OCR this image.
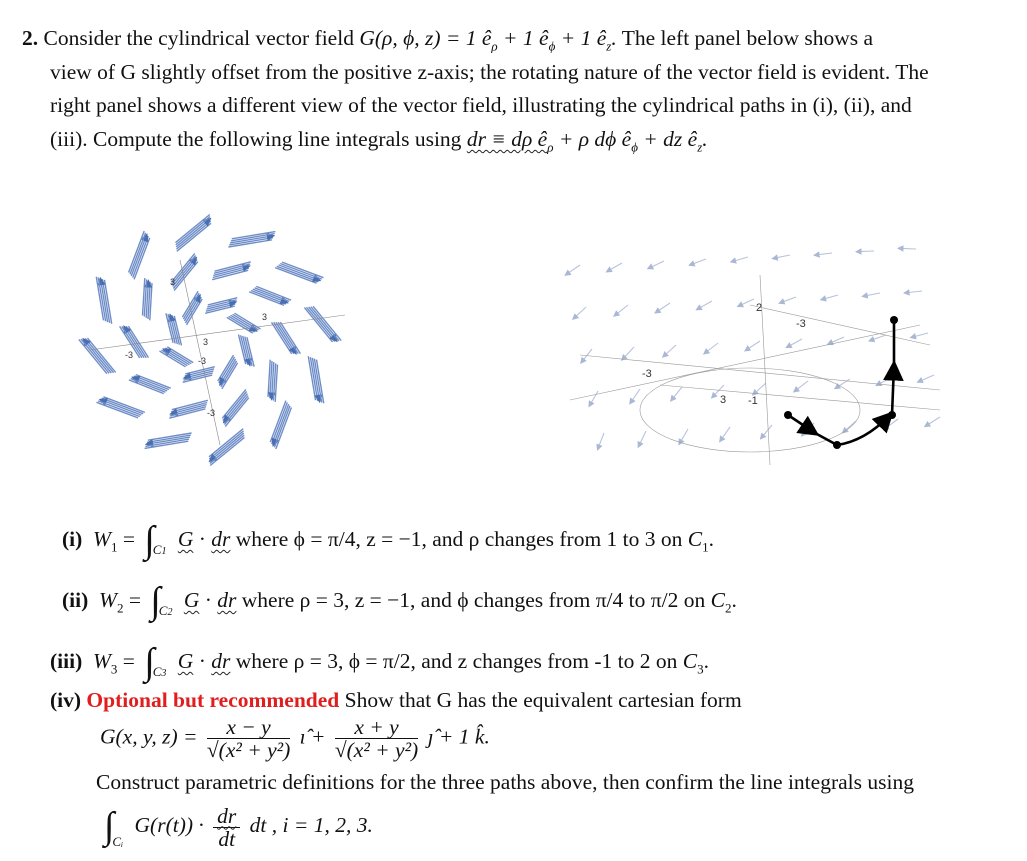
2. Consider the cylindrical vector field G(ρ, ϕ, z) = 1 $ê_\rho + 1$ $ê_\phi + 1$ $ê_z$. The left panel below shows a
view of G slightly offset from the positive z-axis; the rotating nature of the vector field is evident. The
right panel shows a different view of the vector field, illustrating the cylindrical paths in (i), (ii), and
(iii). Compute the following line integrals using dr ≡ dρ $ê_\rho + \rho$ dϕ $ê_\phi$ + dz $ê_z$.
3
3
-3
3
-3
-3
2
-3
-3
3 -1
(i) $W_1 = \int_{C1}$ G · dr where ϕ = π/4, z = −1, and ρ changes from 1 to 3 on $C_1$.
(ii) $W_2 = \int_{C2}$ G · dr where ρ = 3, z = −1, and ϕ changes from π/4 to π/2 on $C_2$.
(iii) $W_3 = \int_{C3}$ G · dr where ρ = 3, ϕ = π/2, and z changes from -1 to 2 on $C_3$.
(iv) Optional but recommended Show that G has the equivalent cartesian form
G(x, y, $z) = \frac{x - y}{\text{√(x² + y²)}}$ ı̂ + $\frac{x + y}{\text{√(x² + y²)}}$ ȷ̂ + 1 k̂.
Construct parametric definitions for the three paths above, then confirm the line integrals using
$\int_{Cᵢ}$ $G(r(t)) \cdot \frac{dr}{dt}$ dt , i = 1, 2, 3.
